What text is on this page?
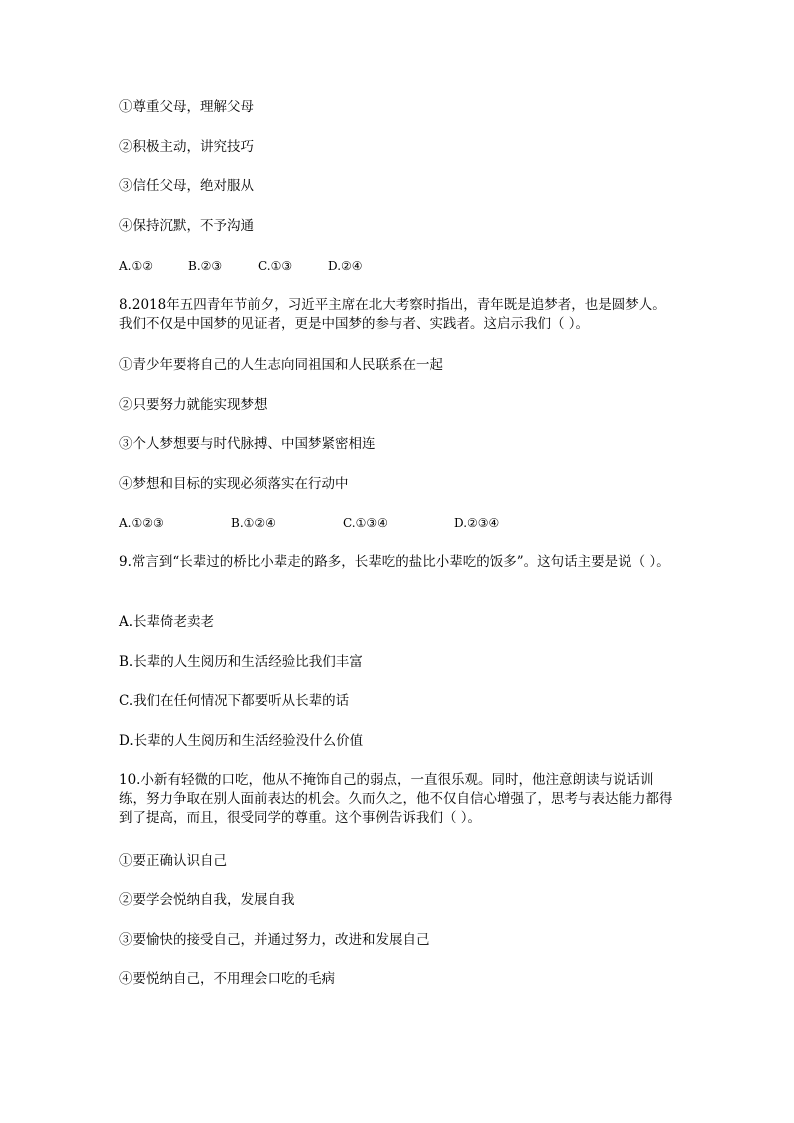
①尊重父母，理解父母
②积极主动，讲究技巧
③信任父母，绝对服从
④保持沉默，不予沟通
A.①②	B.②③	C.①③	D.②④
8.2018年五四青年节前夕，习近平主席在北大考察时指出，青年既是追梦者，也是圆梦人。我们不仅是中国梦的见证者，更是中国梦的参与者、实践者。这启示我们（ ）。
①青少年要将自己的人生志向同祖国和人民联系在一起
②只要努力就能实现梦想
③个人梦想要与时代脉搏、中国梦紧密相连
④梦想和目标的实现必须落实在行动中
A.①②③	B.①②④	C.①③④	D.②③④
9.常言到“长辈过的桥比小辈走的路多，长辈吃的盐比小辈吃的饭多”。这句话主要是说（ ）。
A.长辈倚老卖老
B.长辈的人生阅历和生活经验比我们丰富
C.我们在任何情况下都要听从长辈的话
D.长辈的人生阅历和生活经验没什么价值
10.小新有轻微的口吃，他从不掩饰自己的弱点，一直很乐观。同时，他注意朗读与说话训练，努力争取在别人面前表达的机会。久而久之，他不仅自信心增强了，思考与表达能力都得到了提高，而且，很受同学的尊重。这个事例告诉我们（ ）。
①要正确认识自己
②要学会悦纳自我，发展自我
③要愉快的接受自己，并通过努力，改进和发展自己
④要悦纳自己，不用理会口吃的毛病
